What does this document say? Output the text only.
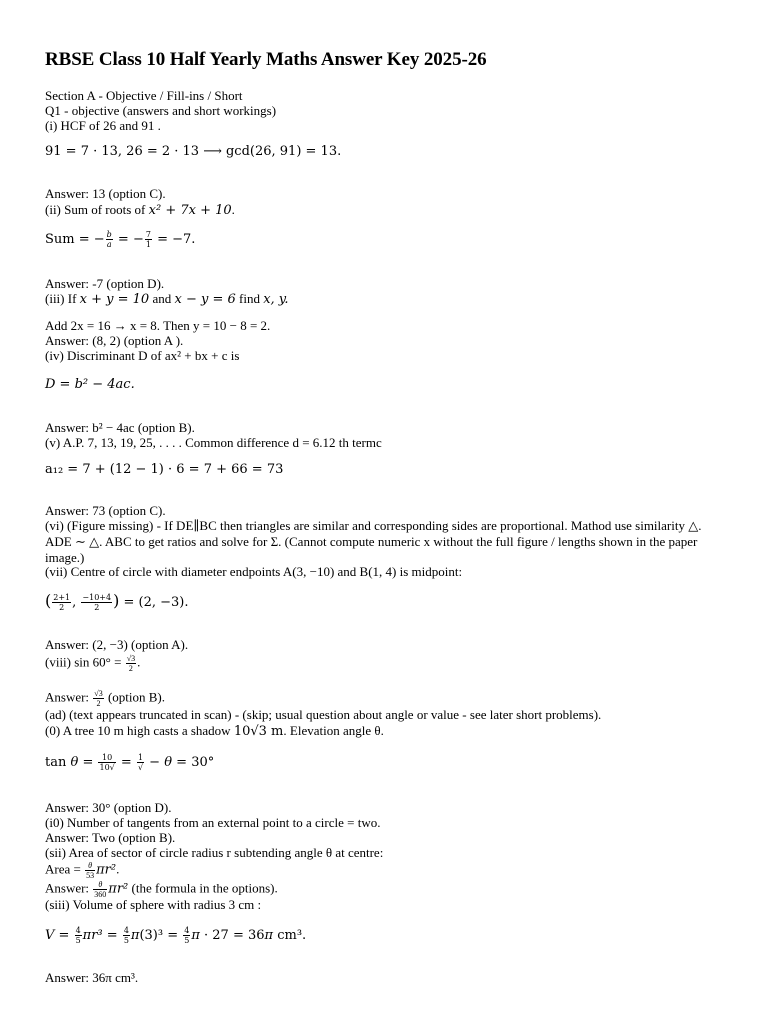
RBSE Class 10 Half Yearly Maths Answer Key 2025-26
Section A - Objective / Fill-ins / Short
Q1 - objective (answers and short workings)
(i) HCF of 26 and 91 .
91 = 7 · 13, 26 = 2 · 13 ⟶ gcd(26, 91) = 13.
Answer: 13 (option C).
(ii) Sum of roots of x² + 7x + 10.
Sum = − $\frac{b}{a}$ = − $\frac{7}{1} = -7$.
Answer: -7 (option D).
(iii) If x + y = 10 and x − y = 6 find x, y.
Add 2x = 16 → x = 8. Then y = 10 − 8 = 2.
Answer: (8, 2) (option A ).
(iv) Discriminant D of ax² + bx + c is
D = b² − 4ac.
Answer: b² − 4ac (option B).
(v) A.P. 7, 13, 19, 25, . . . . Common difference d = 6.12 th termc
a₁₂ = 7 + (12 − 1) · 6 = 7 + 66 = 73
Answer: 73 (option C).
(vi) (Figure missing) - If DE∥BC then triangles are similar and corresponding sides are proportional. Mathod use similarity △. ADE ∼ △. ABC to get ratios and solve for Σ. (Cannot compute numeric x without the full figure / lengths shown in the paper image.)
(vii) Centre of circle with diameter endpoints A(3, −10) and B(1, 4) is midpoint:
( $\frac{2+1}{2}$ , $\frac{-10+4}{2}$ ) = (2, −3).
Answer: (2, −3) (option A).
(viii) $\sin 60^\circ = \frac{√3}{2}$ .
Answer: $\frac{√3}{2}$ (option B).
(ad) (text appears truncated in scan) - (skip; usual question about angle or value - see later short problems).
(0) A tree 10 m high casts a shadow 10√3 m. Elevation angle θ.
$\tan \theta = \frac{10}{10√} = \frac{1}{√} - \theta = 30^\circ$
Answer: 30° (option D).
(i0) Number of tangents from an external point to a circle = two.
Answer: Two (option B).
(sii) Area of sector of circle radius r subtending angle θ at centre:
Area = $\frac{\theta}{53} \pi r^2$.
Answer: $\frac{\theta}{360} \pi r^2$ (the formula in the options).
(siii) Volume of sphere with radius 3 cm :
$V = \frac{4}{5} \pi r^3 = \frac{4}{5} \pi(3)^3 = \frac{4}{5}$ π · 27 = 36π cm³.
Answer: 36π cm³.
